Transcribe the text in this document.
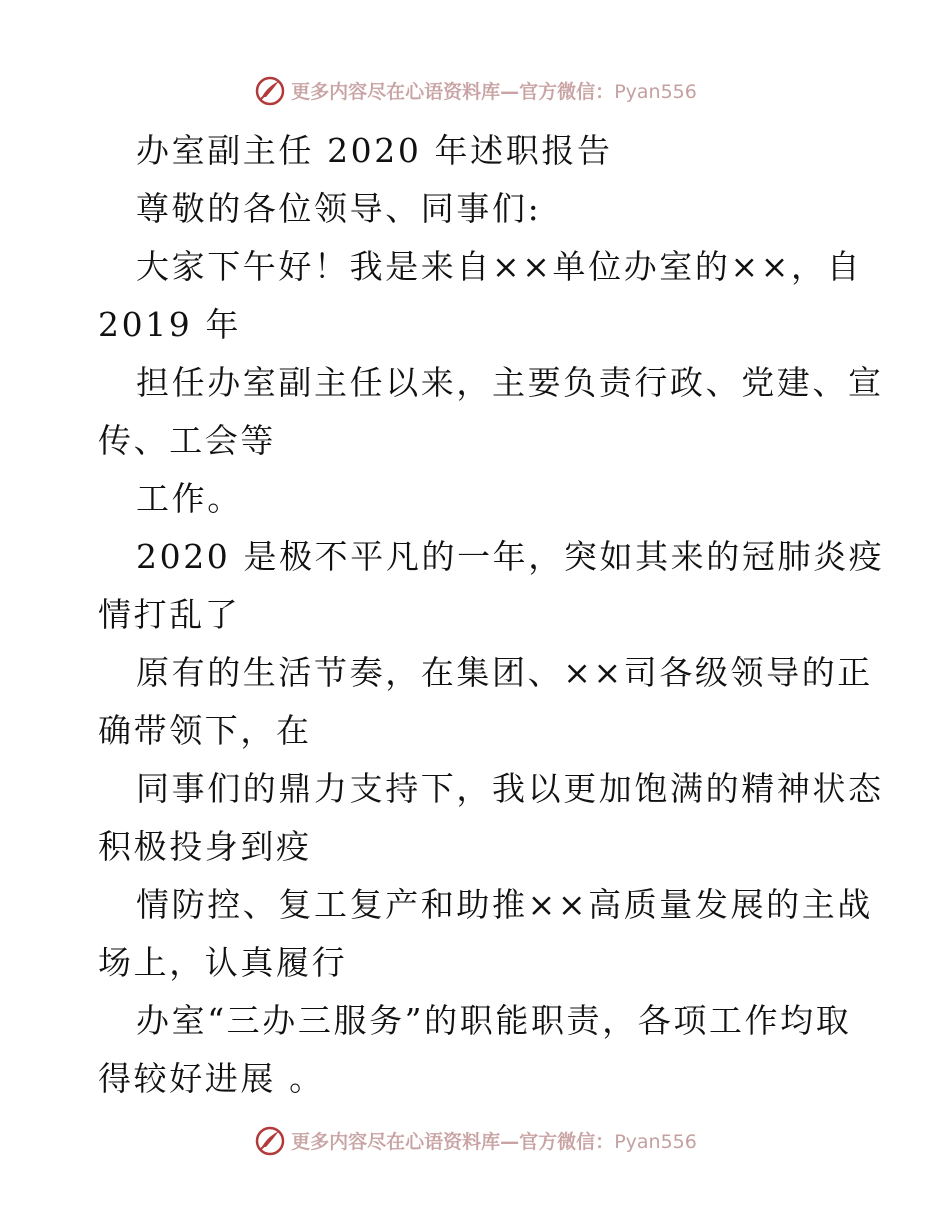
更多内容尽在心语资料库—官方微信：Pyan556
办室副主任 2020 年述职报告
尊敬的各位领导、同事们:
大家下午好！我是来自××单位办室的××，自
2019 年
担任办室副主任以来，主要负责行政、党建、宣
传、工会等
工作。
2020 是极不平凡的一年，突如其来的冠肺炎疫
情打乱了
原有的生活节奏，在集团、××司各级领导的正
确带领下，在
同事们的鼎力支持下，我以更加饱满的精神状态
积极投身到疫
情防控、复工复产和助推××高质量发展的主战
场上，认真履行
办室“三办三服务”的职能职责，各项工作均取
得较好进展 。
更多内容尽在心语资料库—官方微信：Pyan556
